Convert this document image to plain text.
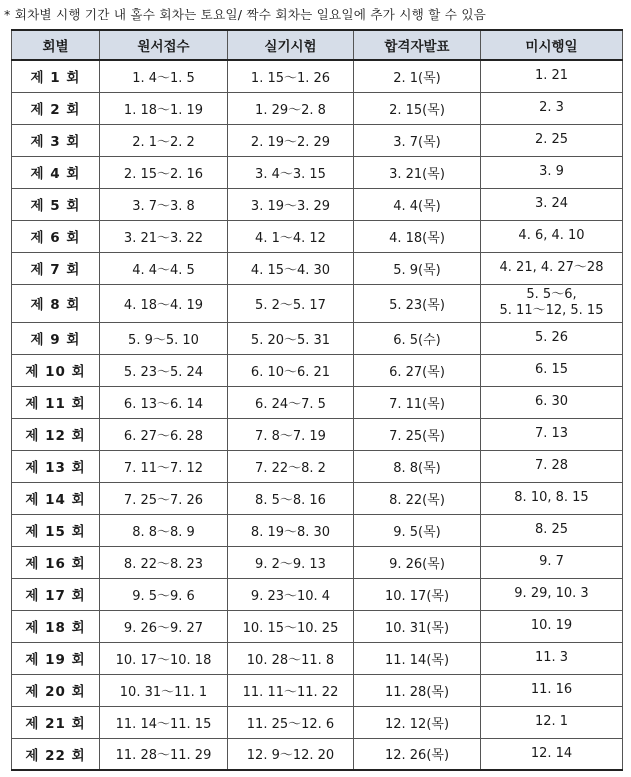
* 회차별 시행 기간 내 홀수 회차는 토요일/ 짝수 회차는 일요일에 추가 시행 할 수 있음
회별	원서접수	실기시험	합격자발표	미시행일
제 1 회	1. 4～1. 5	1. 15～1. 26	2. 1(목)	1. 21

제 2 회	1. 18～1. 19	1. 29～2. 8	2. 15(목)	2. 3

제 3 회	2. 1～2. 2	2. 19～2. 29	3. 7(목)	2. 25

제 4 회	2. 15～2. 16	3. 4～3. 15	3. 21(목)	3. 9

제 5 회	3. 7～3. 8	3. 19～3. 29	4. 4(목)	3. 24

제 6 회	3. 21～3. 22	4. 1～4. 12	4. 18(목)	4. 6, 4. 10

제 7 회	4. 4～4. 5	4. 15～4. 30	5. 9(목)	4. 21, 4. 27～28

제 8 회	4. 18～4. 19	5. 2～5. 17	5. 23(목)	5. 5～6,
5. 11～12, 5. 15

제 9 회	5. 9～5. 10	5. 20～5. 31	6. 5(수)	5. 26

제 10 회	5. 23～5. 24	6. 10～6. 21	6. 27(목)	6. 15

제 11 회	6. 13～6. 14	6. 24～7. 5	7. 11(목)	6. 30

제 12 회	6. 27～6. 28	7. 8～7. 19	7. 25(목)	7. 13

제 13 회	7. 11～7. 12	7. 22～8. 2	8. 8(목)	7. 28

제 14 회	7. 25～7. 26	8. 5～8. 16	8. 22(목)	8. 10, 8. 15

제 15 회	8. 8～8. 9	8. 19～8. 30	9. 5(목)	8. 25

제 16 회	8. 22～8. 23	9. 2～9. 13	9. 26(목)	9. 7

제 17 회	9. 5～9. 6	9. 23～10. 4	10. 17(목)	9. 29, 10. 3

제 18 회	9. 26～9. 27	10. 15～10. 25	10. 31(목)	10. 19

제 19 회	10. 17～10. 18	10. 28～11. 8	11. 14(목)	11. 3

제 20 회	10. 31～11. 1	11. 11～11. 22	11. 28(목)	11. 16

제 21 회	11. 14～11. 15	11. 25～12. 6	12. 12(목)	12. 1

제 22 회	11. 28～11. 29	12. 9～12. 20	12. 26(목)	12. 14
